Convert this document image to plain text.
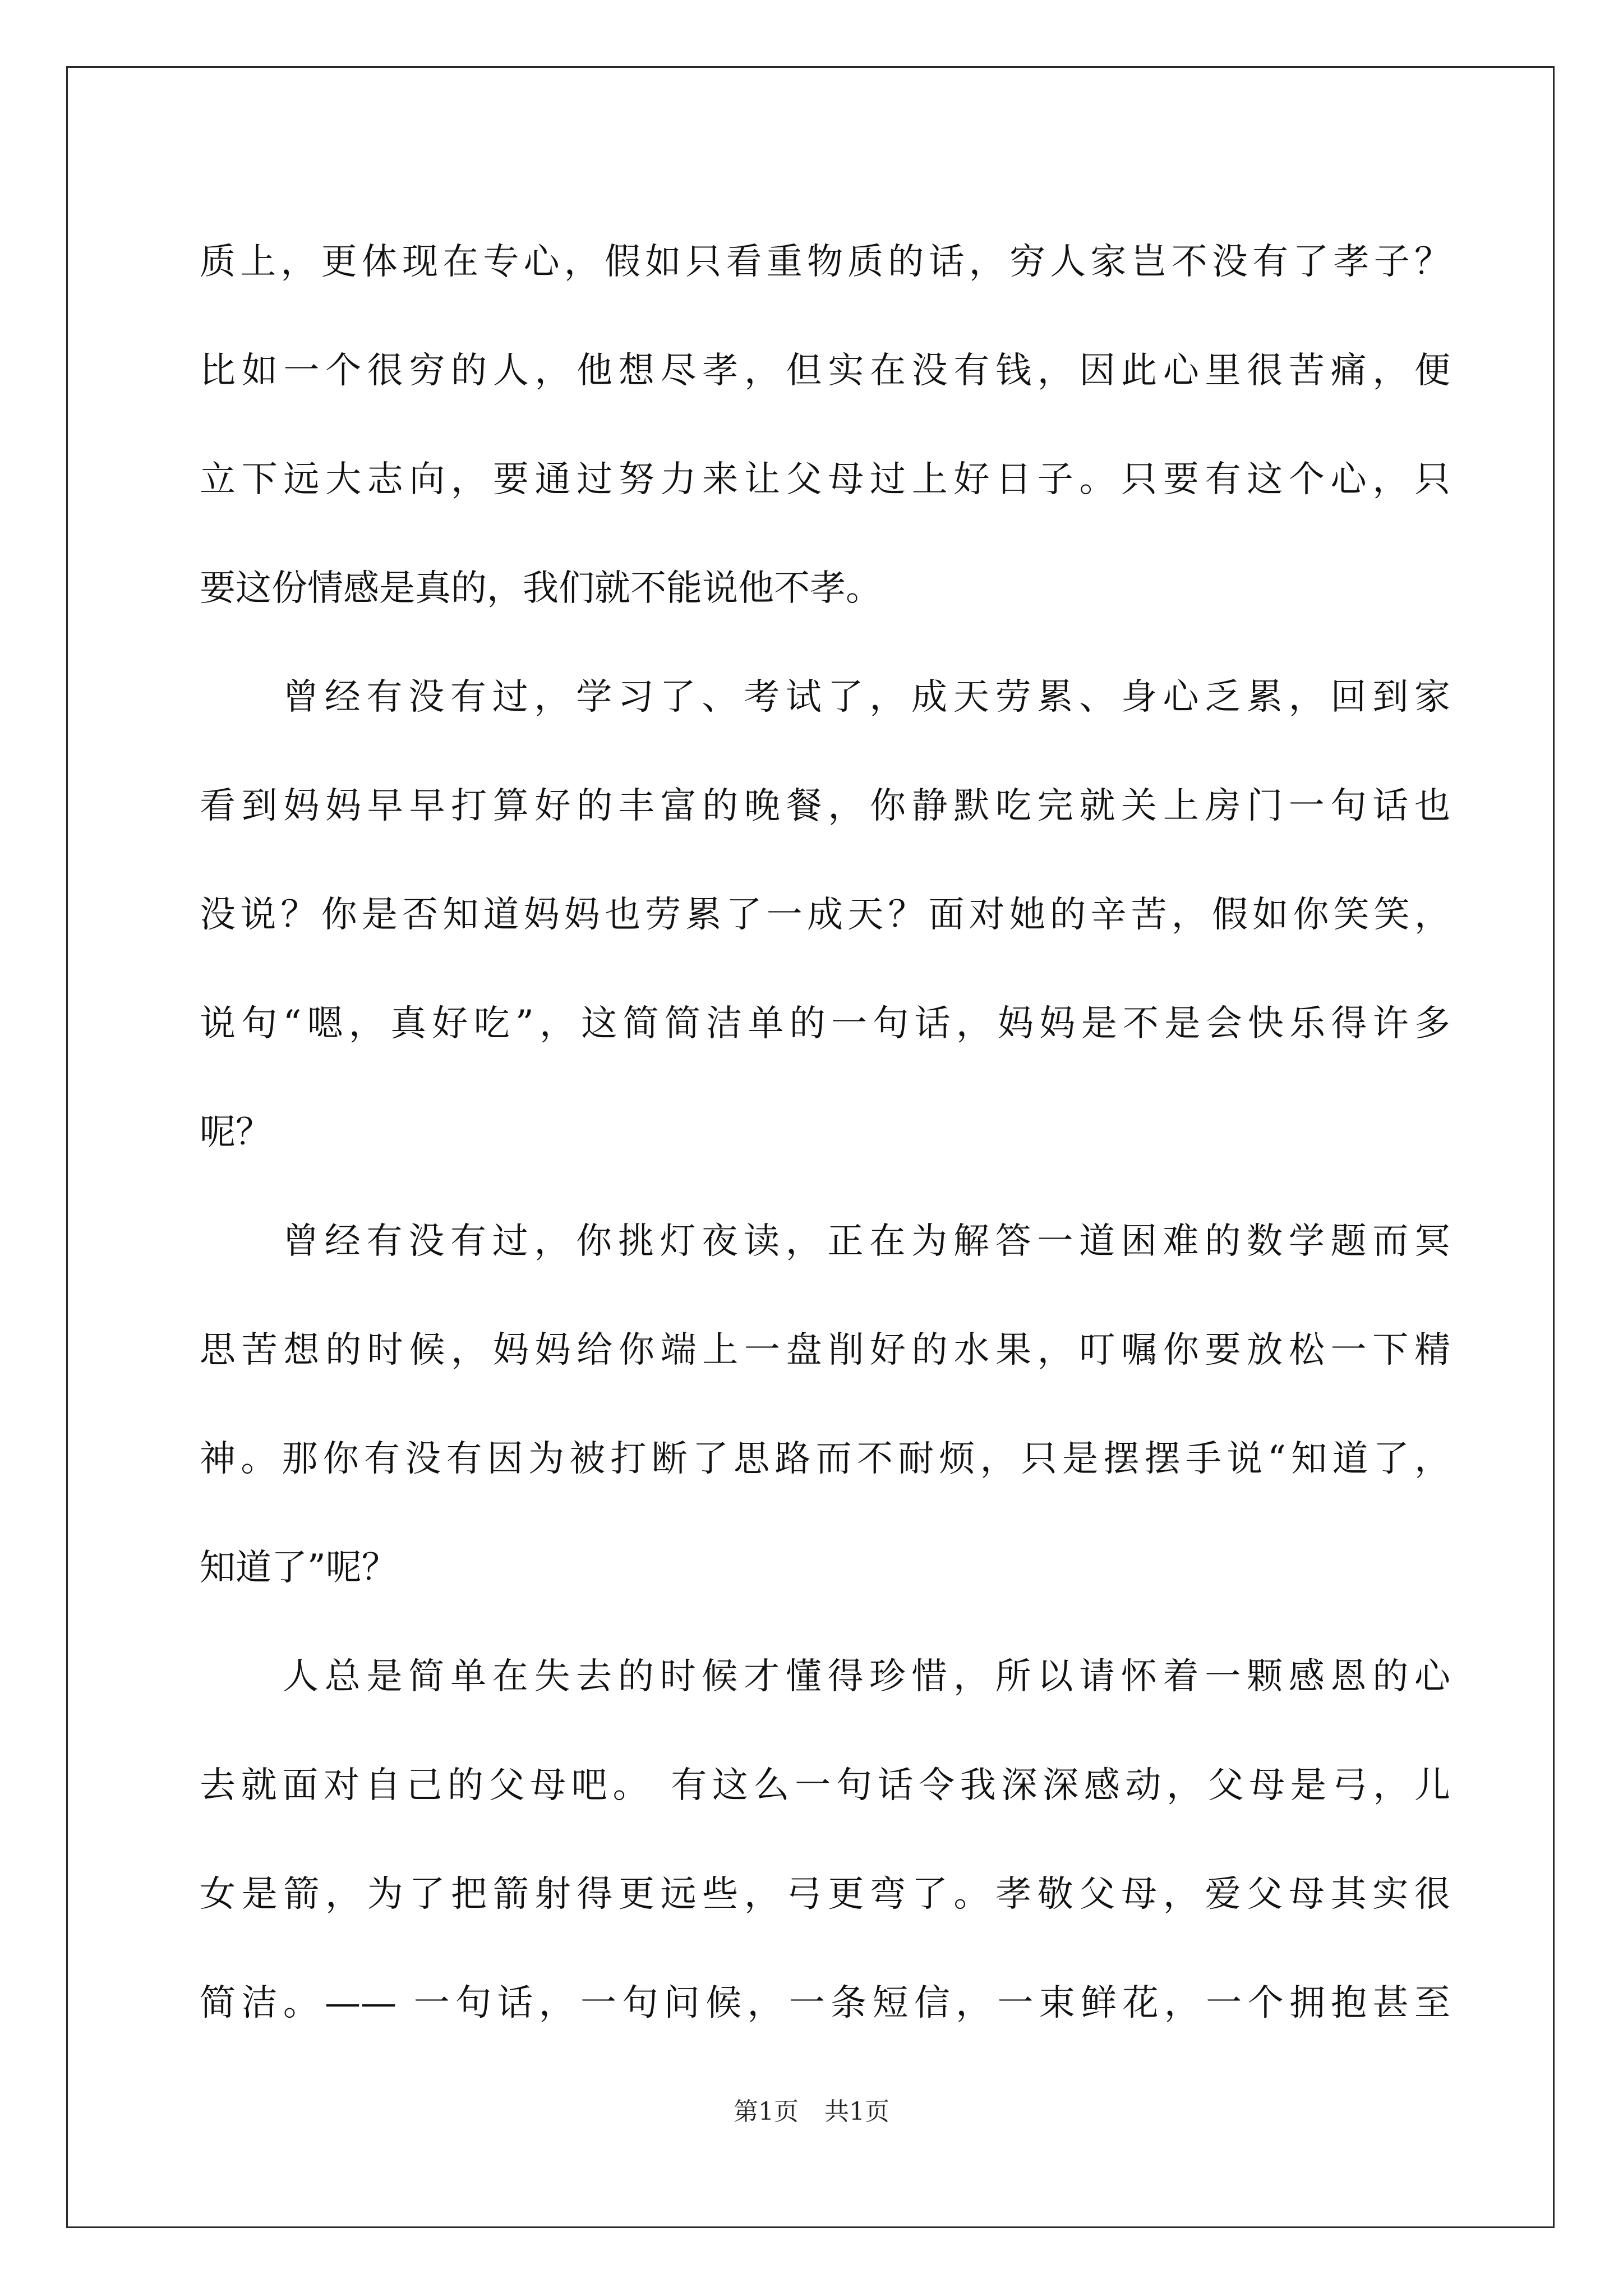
质上，更体现在专心，假如只看重物质的话，穷人家岂不没有了孝子？
比如一个很穷的人，他想尽孝，但实在没有钱，因此心里很苦痛，便
立下远大志向，要通过努力来让父母过上好日子。只要有这个心，只
要这份情感是真的，我们就不能说他不孝。
曾经有没有过，学习了、考试了，成天劳累、身心乏累，回到家
看到妈妈早早打算好的丰富的晚餐，你静默吃完就关上房门一句话也
没说？你是否知道妈妈也劳累了一成天？面对她的辛苦，假如你笑笑，
说句“嗯，真好吃”，这简简洁单的一句话，妈妈是不是会快乐得许多
呢？
曾经有没有过，你挑灯夜读，正在为解答一道困难的数学题而冥
思苦想的时候，妈妈给你端上一盘削好的水果，叮嘱你要放松一下精
神。那你有没有因为被打断了思路而不耐烦，只是摆摆手说“知道了，
知道了”呢？
人总是简单在失去的时候才懂得珍惜，所以请怀着一颗感恩的心
去就面对自己的父母吧。 有这么一句话令我深深感动，父母是弓，儿
女是箭，为了把箭射得更远些，弓更弯了。孝敬父母，爱父母其实很
简洁。—— 一句话，一句问候，一条短信，一束鲜花，一个拥抱甚至
第1页 共1页
